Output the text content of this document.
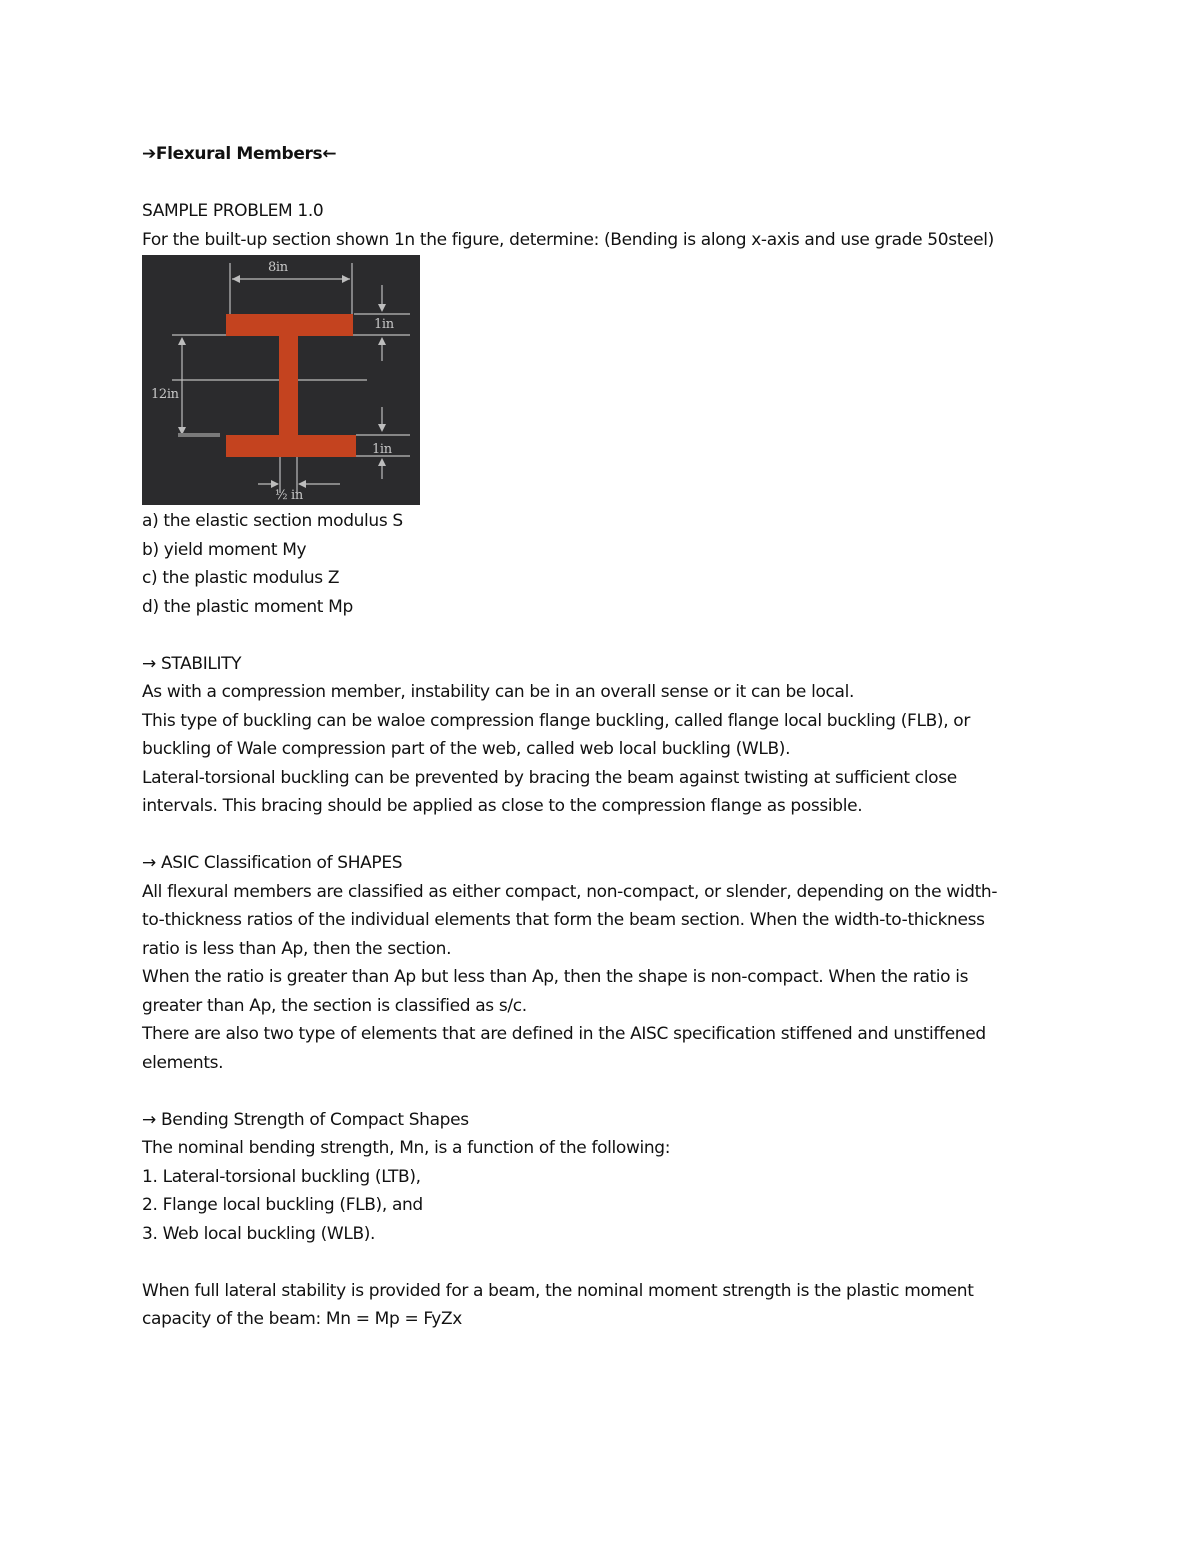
➔Flexural Members←
SAMPLE PROBLEM 1.0
For the built-up section shown 1n the figure, determine: (Bending is along x-axis and use grade 50steel)
8in
1in
12in
1in
½ in
a) the elastic section modulus S
b) yield moment My
c) the plastic modulus Z
d) the plastic moment Mp
→ STABILITY
As with a compression member, instability can be in an overall sense or it can be local.
This type of buckling can be waloe compression flange buckling, called flange local buckling (FLB), or
buckling of Wale compression part of the web, called web local buckling (WLB).
Lateral-torsional buckling can be prevented by bracing the beam against twisting at sufficient close
intervals. This bracing should be applied as close to the compression flange as possible.
→ ASIC Classification of SHAPES
All flexural members are classified as either compact, non-compact, or slender, depending on the width-
to-thickness ratios of the individual elements that form the beam section. When the width-to-thickness
ratio is less than Ap, then the section.
When the ratio is greater than Ap but less than Ap, then the shape is non-compact. When the ratio is
greater than Ap, the section is classified as s/c.
There are also two type of elements that are defined in the AISC specification stiffened and unstiffened
elements.
→ Bending Strength of Compact Shapes
The nominal bending strength, Mn, is a function of the following:
1. Lateral-torsional buckling (LTB),
2. Flange local buckling (FLB), and
3. Web local buckling (WLB).
When full lateral stability is provided for a beam, the nominal moment strength is the plastic moment
capacity of the beam: Mn = Mp = FyZx
